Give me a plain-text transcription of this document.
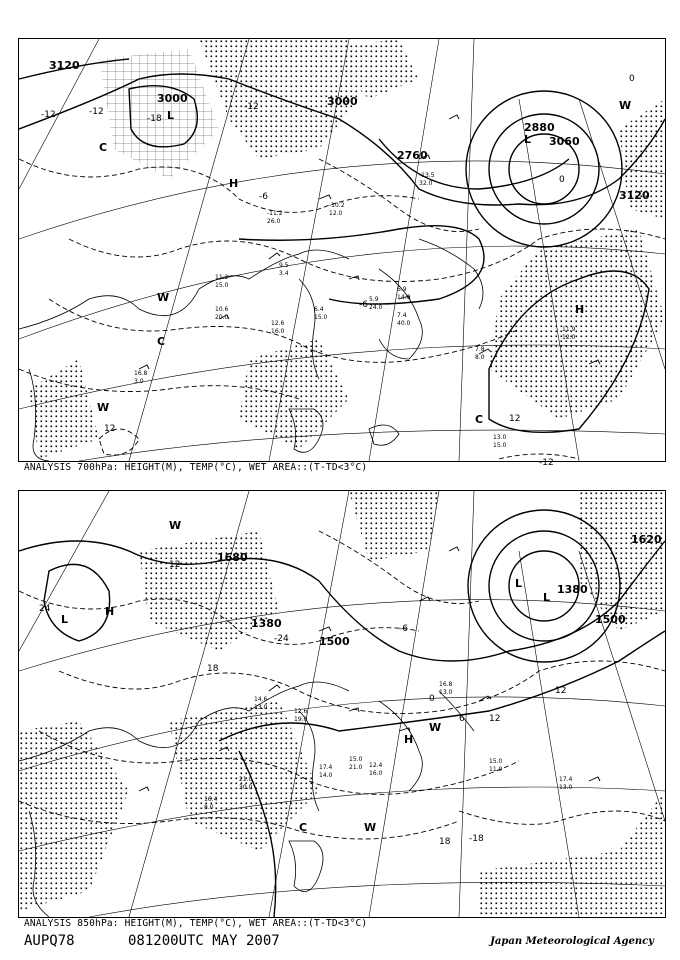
3120
3000	3000
2880
2760
3060
3120
-12	-18
-12
-6
-6
-12
12
-12
12
0
0
L
L
H
H
W
W
C
C
C
W
-11.2
26.0
-10.2
12.0
-13.5
32.0
9.5
3.4
11.2
15.0
10.6
20.0
12.6
16.0
6.4
15.0	7.4
40.0
5.9
24.0
6.9
14.0
11.9
12.0
7.8
8.0
13.0
15.0
16.8
3.0
ANALYSIS 700hPa: HEIGHT(M), TEMP(°C), WET AREA::(T-TD<3°C)
1620
1380
1500
1380
1500
1680
24
12
12
18
-24
-6
0
6	12
18 -18
L
L
L
H
H
W
C
W
W
14.6
13.0
17.4
14.0
15.0
21.0
12.6
19.0
16.8
13.0
17.4
13.0
15.0
11.0
12.4
16.0
21.0
30.0
16.4
8.0
ANALYSIS 850hPa: HEIGHT(M), TEMP(°C), WET AREA::(T-TD<3°C)
AUPQ78	081200UTC MAY 2007	Japan Meteorological Agency
